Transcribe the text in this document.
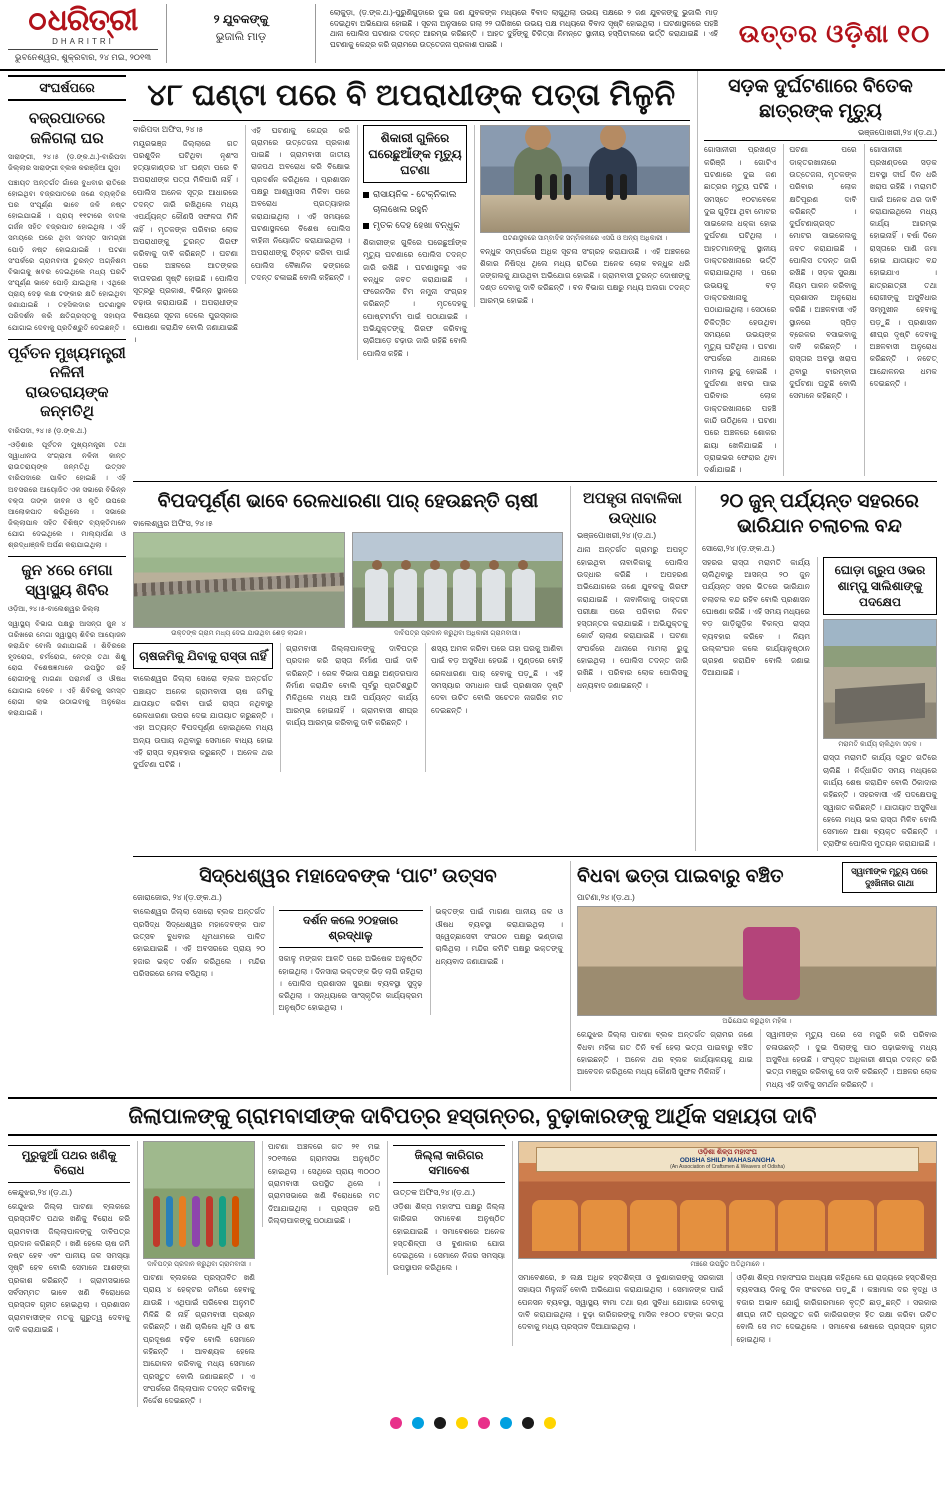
ଧରିତ୍ରୀ
DHARITRI
ଭୁବନେଶ୍ୱର, ଶୁକ୍ରବାର, ୨୪ ମଇ, ୨୦୧୩
୨ ଯୁବକଙ୍କୁ
ଭୁଜାଲି ମାଡ଼
ଲୋକୁଡ଼ା, (ଡ଼.ଙ୍କ.ଥ.)-ପୁରୁଣିଗୁଡ଼ାରେ ଦୁଇ ଜଣ ଯୁବକଙ୍କ ମଧ୍ୟରେ ବିବାଦ ଲାଗୁଥିଲା ଉଭୟ ପକ୍ଷରେ ୨ ଜଣ ଯୁବକଙ୍କୁ ଭୁଜାଲି ମାଡ଼ ଦେଇଥିବା ଅଭିଯୋଗ ହୋଇଛି । ସୂଚନା ଅନୁସାରେ ଗଲା ୨୨ ତାରିଖରେ ଉଭୟ ପକ୍ଷ ମଧ୍ୟରେ ବିବାଦ ସୃଷ୍ଟି ହୋଇଥିଲା । ଘଟଣାସ୍ଥଳରେ ପହଞ୍ଚି ଥାନା ପୋଲିସ ଘଟଣାର ତଦନ୍ତ ଆରମ୍ଭ କରିଛନ୍ତି । ଆହତ ଦୁହିଁଙ୍କୁ ଚିକିତ୍ସା ନିମନ୍ତେ ସ୍ଥାନୀୟ ହସ୍ପିଟାଲରେ ଭର୍ତ୍ତି କରାଯାଇଛି । ଏହି ଘଟଣାକୁ କେନ୍ଦ୍ର କରି ଗ୍ରାମରେ ଉତ୍ତେଜନା ପ୍ରକାଶ ପାଇଛି ।	ଉତ୍ତର ଓଡ଼ିଶା ୧୦
ସଂଘର୍ଷପରେ
ବଜ୍ରପାତରେ ଜଳିଗଲା ଘର
ସାରାଙ୍ଗୀ, ୨୪।୫ (ଡ଼.ଙ୍କ.ଥ.)-ବାରିପଦା ଜିଲ୍ଲାର ସାରାଙ୍ଗୀ ବ୍ଲକ କରଞ୍ଜିଆ ଗୁଡ଼ା
ପଞ୍ଚାୟତ ଅନ୍ତର୍ଗତ ଗାଁରେ ବୁଧବାର ରାତିରେ ହୋଇଥିବା ବଜ୍ରପାତରେ ଜଣେ ବ୍ୟକ୍ତିର ଘର ସଂପୂର୍ଣ୍ଣ ଭାବେ ଜଳି ନଷ୍ଟ ହୋଇଯାଇଛି । ପ୍ରାୟ ୧୧ଟାରେ ବାଦଲ ଗର୍ଜନ ସହିତ ବଜ୍ରପାତ ହୋଇଥିଲା । ଏହି ସମୟରେ ଘରେ ଥିବା ସମସ୍ତ ସାମଗ୍ରୀ ପୋଡ଼ି ନଷ୍ଟ ହୋଇଯାଇଛି । ଘଟଣା ସଂପର୍କରେ ଗ୍ରାମବାସୀ ତୁରନ୍ତ ଅଗ୍ନିଶମ ବିଭାଗକୁ ଖବର ଦେଇଥିଲେ ମଧ୍ୟ ଘରଟି ସଂପୂର୍ଣ୍ଣ ଭାବେ ପୋଡ଼ି ଯାଇଥିଲା । ଏଥିରେ ପ୍ରାୟ ଦେଢ଼ ଲକ୍ଷ ଟଙ୍କାର କ୍ଷତି ହୋଇଥିବା ଜଣାଯାଇଛି । ତହସିଲଦାର ଘଟଣାସ୍ଥଳ ପରିଦର୍ଶନ କରି କ୍ଷତିଗ୍ରସ୍ତକୁ ସହାୟତା ଯୋଗାଇ ଦେବାକୁ ପ୍ରତିଶ୍ରୁତି ଦେଇଛନ୍ତି ।
ପୂର୍ବତନ ମୁଖ୍ୟମନ୍ତ୍ରୀ ନଳିନୀ ରାଉତରାୟଙ୍କ ଜନ୍ମତିଥି
ବାରିପଦା, ୨୪।୫ (ଡ଼.ଙ୍କ.ଥ.)
-ଓଡ଼ିଶାର ପୂର୍ବତନ ମୁଖ୍ୟମନ୍ତ୍ରୀ ତଥା ସ୍ୱାଧୀନତା ସଂଗ୍ରାମୀ ନଳିନୀ କାନ୍ତ ରାଉତରାୟଙ୍କ ଜନ୍ମତିଥି ଉତ୍ସବ ବାରିପଦାରେ ପାଳିତ ହୋଇଛି । ଏହି ଅବସରରେ ଆୟୋଜିତ ଏକ ସଭାରେ ବିଭିନ୍ନ ବକ୍ତା ତାଙ୍କ ଜୀବନ ଓ କୃତି ଉପରେ ଆଲୋକପାତ କରିଥିଲେ । ସଭାରେ ଜିଲ୍ଲାପାଳ ସହିତ ବିଶିଷ୍ଟ ବ୍ୟକ୍ତିମାନେ ଯୋଗ ଦେଇଥିଲେ । ମାଲ୍ୟାର୍ପଣ ଓ ଶ୍ରଦ୍ଧାଞ୍ଜଳି ଅର୍ପଣ କରାଯାଇଥିଲା ।
ଜୁନ ୪ରେ ମେଗା ସ୍ୱାସ୍ଥ୍ୟ ଶିବିର
ଓଡ଼ିଆ, ୨୪।୫-ବାଲେଶ୍ୱର ଜିଲ୍ଲା
ସ୍ୱାସ୍ଥ୍ୟ ବିଭାଗ ପକ୍ଷରୁ ଆସନ୍ତା ଜୁନ ୪ ତାରିଖରେ ମେଗା ସ୍ୱାସ୍ଥ୍ୟ ଶିବିର ଆୟୋଜନ କରାଯିବ ବୋଲି ଜଣାଯାଇଛି । ଶିବିରରେ ହୃଦରୋଗ, ଚର୍ମରୋଗ, ନେତ୍ର ତଥା ଶିଶୁ ରୋଗ ବିଶେଷଜ୍ଞମାନେ ଉପସ୍ଥିତ ରହି ରୋଗୀଙ୍କୁ ମାଗଣା ପରାମର୍ଶ ଓ ଔଷଧ ଯୋଗାଇ ଦେବେ । ଏହି ଶିବିରକୁ ସମସ୍ତ ରୋଗୀ ଲାଭ ଉଠାଇବାକୁ ଅନୁରୋଧ କରାଯାଇଛି ।
୪୮ ଘଣ୍ଟା ପରେ ବି ଅପରାଧୀଙ୍କ ପତ୍ତା ମିଳୁନି
ବାରିପଦା ଅଫିସ, ୨୪।୫
ମୟୂରଭଞ୍ଜ ଜିଲ୍ଲାରେ ଗତ ପରଶୁଦିନ ଘଟିଥିବା ନୃଶଂସ ହତ୍ୟାକାଣ୍ଡର ୪୮ ଘଣ୍ଟା ପରେ ବି ଅପରାଧୀଙ୍କ ପତ୍ତା ମିଳିପାରି ନାହିଁ । ପୋଲିସ ଅନେକ ସୂତ୍ର ଆଧାରରେ ତଦନ୍ତ ଜାରି ରଖିଥିଲେ ମଧ୍ୟ ଏପର୍ଯ୍ୟନ୍ତ କୌଣସି ସଫଳତା ମିଳି ନାହିଁ । ମୃତକଙ୍କ ପରିବାର ଲୋକ ଅପରାଧୀଙ୍କୁ ତୁରନ୍ତ ଗିରଫ କରିବାକୁ ଦାବି କରିଛନ୍ତି । ଘଟଣା ପରେ ଅଞ୍ଚଳରେ ଆତଙ୍କର ବାତାବରଣ ସୃଷ୍ଟି ହୋଇଛି । ପୋଲିସ ସୂତ୍ରରୁ ପ୍ରକାଶ, ବିଭିନ୍ନ ସ୍ଥାନରେ ଚଢ଼ାଉ କରାଯାଉଛି । ଅପରାଧୀଙ୍କ ବିଷୟରେ ସୂଚନା ଦେଲେ ପୁରସ୍କାର ଘୋଷଣା କରାଯିବ ବୋଲି ଜଣାଯାଇଛି ।
ଏହି ଘଟଣାକୁ କେନ୍ଦ୍ର କରି ଗ୍ରାମରେ ଉତ୍ତେଜନା ପ୍ରକାଶ ପାଇଛି । ଗ୍ରାମବାସୀ ଜାତୀୟ ରାଜପଥ ଅବରୋଧ କରି ବିକ୍ଷୋଭ ପ୍ରଦର୍ଶନ କରିଥିଲେ । ପ୍ରଶାସନ ପକ୍ଷରୁ ଆଶ୍ୱାସନା ମିଳିବା ପରେ ଅବରୋଧ ପ୍ରତ୍ୟାହାର କରାଯାଇଥିଲା । ଏହି ସମୟରେ ଘଟଣାସ୍ଥଳରେ ବିଶେଷ ପୋଲିସ ବାହିନୀ ନିୟୋଜିତ କରାଯାଇଥିଲା । ଅପରାଧୀଙ୍କୁ ଚିହ୍ନଟ କରିବା ପାଇଁ ପୋଲିସ ବୈଜ୍ଞାନିକ ଢଙ୍ଗରେ ତଦନ୍ତ ଚଳାଇଛି ବୋଲି କହିଛନ୍ତି ।
ଶିକାରୀ ଗୁଳିରେ ଘରେଛୁଆଁଙ୍କ ମୃତ୍ୟୁ ଘଟଣା
ରାସାୟନିକ - ଟେକ୍ନିକାଲ ଚାଲଖେଲ ରହୁନି
ମୃତକ ଦେହ ହେଖା ବନ୍ଧୁକ
ଶିକାରୀଙ୍କ ଗୁଳିରେ ଘରେଛୁଆଁଙ୍କ ମୃତ୍ୟୁ ଘଟଣାରେ ପୋଲିସ ତଦନ୍ତ ଜାରି ରଖିଛି । ଘଟଣାସ୍ଥଳରୁ ଏକ ବନ୍ଧୁକ ଜବତ କରାଯାଇଛି । ଫରେନସିକ ଟିମ ନମୁନା ସଂଗ୍ରହ କରିଛନ୍ତି । ମୃତଦେହକୁ ପୋଷ୍ଟମର୍ଟମ ପାଇଁ ପଠାଯାଇଛି । ଅଭିଯୁକ୍ତଙ୍କୁ ଗିରଫ କରିବାକୁ ଚାରିଆଡ଼େ ଚଢ଼ାଉ ଜାରି ରହିଛି ବୋଲି ପୋଲିସ କହିଛି ।
ଘଟଣାସ୍ଥଳରେ ସାମ୍ବାଦିକ ସମ୍ମିଳନୀରେ ଏସପି ଓ ଅନ୍ୟ ଅଧିକାରୀ ।
ବନ୍ଧୁକ ସମ୍ପର୍କରେ ଅଧିକ ସୂଚନା ସଂଗ୍ରହ କରାଯାଉଛି । ଏହି ଅଞ୍ଚଳରେ ଶିକାର ନିଷିଦ୍ଧ ଥିଲେ ମଧ୍ୟ ରାତିରେ ଅନେକ ଲୋକ ବନ୍ଧୁକ ଧରି ଜଙ୍ଗଲକୁ ଯାଉଥିବା ଅଭିଯୋଗ ହୋଇଛି । ଗ୍ରାମବାସୀ ତୁରନ୍ତ ଦୋଷୀଙ୍କୁ ଦଣ୍ଡ ଦେବାକୁ ଦାବି କରିଛନ୍ତି । ବନ ବିଭାଗ ପକ୍ଷରୁ ମଧ୍ୟ ଅଲଗା ତଦନ୍ତ ଆରମ୍ଭ ହୋଇଛି ।
ସଡ଼କ ଦୁର୍ଘଟଣାରେ ବିତେକ ଛାତ୍ରଙ୍କ ମୃତ୍ୟୁ
ଭଞ୍ଜପୋଖରୀ,୨୪।(ଡ଼.ଥ.)
ଗୋସାନୀରୀ ପ୍ରଖଣ୍ଡ କରିଞ୍ଜି । ଗୋଟିଏ ଘଟଣାରେ ଦୁଇ ଜଣ ଛାତ୍ରର ମୃତ୍ୟୁ ଘଟିଛି । ସମସ୍ତେ ୧୦ଟାବେଳେ ଦୁଇ ଗୁଡ଼ିଆ ଥିବା ମୋଟର ସାଇକେଲ ଧକ୍କା ହୋଇ ଦୁର୍ଘଟଣା ଘଟିଥିଲା । ଆହତମାନଙ୍କୁ ସ୍ଥାନୀୟ ଡାକ୍ତରଖାନାରେ ଭର୍ତ୍ତି କରାଯାଇଥିଲା । ପରେ ଉଭୟକୁ ବଡ଼ ଡାକ୍ତରଖାନାକୁ ପଠାଯାଇଥିଲା । ସେଠାରେ ଚିକିତ୍ସିତ ହେଉଥିବା ସମୟରେ ଉଭୟଙ୍କ ମୃତ୍ୟୁ ଘଟିଥିଲା । ଘଟଣା ସଂପର୍କରେ ଥାନାରେ ମାମଲା ରୁଜୁ ହୋଇଛି । ଦୁର୍ଘଟଣା ଖବର ପାଇ ପରିବାର ଲୋକ ଡାକ୍ତରଖାନାରେ ପହଞ୍ଚି କାନ୍ଦି ଉଠିଥିଲେ । ଘଟଣା ପରେ ଅଞ୍ଚଳରେ ଶୋକର ଛାୟା ଖେଳିଯାଇଛି । ଡ୍ରାଇଭର ଫେରାର ଥିବା ଦର୍ଶାଯାଇଛି ।
ଘଟଣା ପରେ ଡାକ୍ତରଖାନାରେ ଉତ୍ତେଜନା, ମୃତକଙ୍କ ପରିବାର ଲୋକ କ୍ଷତିପୂରଣ ଦାବି କରିଛନ୍ତି । ଦୁର୍ଘଟଣାଗ୍ରସ୍ତ ମୋଟର ସାଇକେଲକୁ ଜବତ କରାଯାଇଛି । ପୋଲିସ ତଦନ୍ତ ଜାରି ରଖିଛି । ସଡ଼କ ସୁରକ୍ଷା ନିୟମ ପାଳନ କରିବାକୁ ପ୍ରଶାସନ ଅନୁରୋଧ କରିଛି । ଅଞ୍ଚଳବାସୀ ଏହି ସ୍ଥାନରେ ସ୍ପିଡ଼ ବ୍ରେକର ବସାଇବାକୁ ଦାବି କରିଛନ୍ତି । ରାସ୍ତାର ଅବସ୍ଥା ଖରାପ ଥିବାରୁ ବାରମ୍ବାର ଦୁର୍ଘଟଣା ଘଟୁଛି ବୋଲି ସେମାନେ କହିଛନ୍ତି ।
ଗୋସାନୀରୀ ପ୍ରଖଣ୍ଡରେ ସଡ଼କ ଅବସ୍ଥା ଦୀର୍ଘ ଦିନ ଧରି ଖରାପ ରହିଛି । ମରାମତି ପାଇଁ ଅନେକ ଥର ଦାବି କରାଯାଇଥିଲେ ମଧ୍ୟ କାର୍ଯ୍ୟ ଆରମ୍ଭ ହୋଇନାହିଁ । ବର୍ଷା ଦିନେ ରାସ୍ତାରେ ପାଣି ଜମା ହୋଇ ଯାତାୟାତ ବନ୍ଦ ହୋଇଯାଏ । ଛାତ୍ରଛାତ୍ରୀ ତଥା ରୋଗୀଙ୍କୁ ଅସୁବିଧାର ସମ୍ମୁଖୀନ ହେବାକୁ ପଡ଼ୁଛି । ପ୍ରଶାସନ ଶୀଘ୍ର ଦୃଷ୍ଟି ଦେବାକୁ ଅଞ୍ଚଳବାସୀ ଅନୁରୋଧ କରିଛନ୍ତି । ନଚେତ୍ ଆନ୍ଦୋଳନର ଧମକ ଦେଇଛନ୍ତି ।
ବିପଦପୂର୍ଣ୍ଣ ଭାବେ ରେଳଧାରଣା ପାର୍ ହେଉଛନ୍ତି ଚାଷୀ
ବାଲେଶ୍ୱର ଅଫିସ, ୨୪।୫
ଉକ୍ତଙ୍କ ଗ୍ରାମ ମଧ୍ୟ ଦେଇ ଯାଉଥିବା ଶେଡ଼ ଲାଇନ।	ଦାବିପତ୍ର ପ୍ରଦାନ କରୁଥିବା ଅଧିକାରୀ ଗ୍ରାମବାସୀ।
ଚାଷଜମିକୁ ଯିବାକୁ ରାସ୍ତା ନାହିଁ
ବାଲେଶ୍ୱର ଜିଲ୍ଲା ସୋରୋ ବ୍ଲକ ଅନ୍ତର୍ଗତ ପଞ୍ଚାୟତ ଅନେକ ଗ୍ରାମବାସୀ ଚାଷ ଜମିକୁ ଯାତାୟାତ କରିବା ପାଇଁ ରାସ୍ତା ନଥିବାରୁ ରେଳଧାରଣା ଉପର ଦେଇ ଯାତାୟାତ କରୁଛନ୍ତି । ଏହା ଅତ୍ୟନ୍ତ ବିପଦପୂର୍ଣ୍ଣ ହୋଇଥିଲେ ମଧ୍ୟ ଅନ୍ୟ ଉପାୟ ନଥିବାରୁ ସେମାନେ ବାଧ୍ୟ ହୋଇ ଏହି ରାସ୍ତା ବ୍ୟବହାର କରୁଛନ୍ତି । ଅନେକ ଥର ଦୁର୍ଘଟଣା ଘଟିଛି ।
ଗ୍ରାମବାସୀ ଜିଲ୍ଲାପାଳଙ୍କୁ ଦାବିପତ୍ର ପ୍ରଦାନ କରି ରାସ୍ତା ନିର୍ମାଣ ପାଇଁ ଦାବି କରିଛନ୍ତି । ରେଳ ବିଭାଗ ପକ୍ଷରୁ ଅଣ୍ଡରପାସ ନିର୍ମାଣ କରାଯିବ ବୋଲି ପୂର୍ବରୁ ପ୍ରତିଶ୍ରୁତି ମିଳିଥିଲେ ମଧ୍ୟ ଆଜି ପର୍ଯ୍ୟନ୍ତ କାର୍ଯ୍ୟ ଆରମ୍ଭ ହୋଇନାହିଁ । ଗ୍ରାମବାସୀ ଶୀଘ୍ର କାର୍ଯ୍ୟ ଆରମ୍ଭ କରିବାକୁ ଦାବି କରିଛନ୍ତି ।
ଶସ୍ୟ ଅମଳ କରିବା ପରେ ତାହା ଘରକୁ ଆଣିବା ପାଇଁ ବଡ଼ ଅସୁବିଧା ହେଉଛି । ମୁଣ୍ଡରେ ବୋହି ରେଳଧାରଣା ପାର୍ ହେବାକୁ ପଡ଼ୁଛି । ଏହି ସମସ୍ୟାର ସମାଧାନ ପାଇଁ ପ୍ରଶାସନ ଦୃଷ୍ଟି ଦେବା ଉଚିତ ବୋଲି ସଚେତନ ନାଗରିକ ମତ ଦେଇଛନ୍ତି ।
ଅପହୃତା ନାବାଳିକା ଉଦ୍ଧାର
ଭଞ୍ଜପୋଖରୀ,୨୪।(ଡ଼.ଥ.)
ଥାନା ଅନ୍ତର୍ଗତ ଗ୍ରାମରୁ ଅପହୃତ ହୋଇଥିବା ନାବାଳିକାକୁ ପୋଲିସ ଉଦ୍ଧାର କରିଛି । ଅପହରଣ ଅଭିଯୋଗରେ ଜଣେ ଯୁବକକୁ ଗିରଫ କରାଯାଇଛି । ନାବାଳିକାକୁ ଡାକ୍ତରୀ ପରୀକ୍ଷା ପରେ ପରିବାର ନିକଟ ହସ୍ତାନ୍ତର କରାଯାଇଛି । ଅଭିଯୁକ୍ତକୁ କୋର୍ଟ ଚାଲାଣ କରାଯାଇଛି । ଘଟଣା ସଂପର୍କରେ ଥାନାରେ ମାମଲା ରୁଜୁ ହୋଇଥିଲା । ପୋଲିସ ତଦନ୍ତ ଜାରି ରଖିଛି । ପରିବାର ଲୋକ ପୋଲିସକୁ ଧନ୍ୟବାଦ ଜଣାଇଛନ୍ତି ।
୨୦ ଜୁନ୍ ପର୍ଯ୍ୟନ୍ତ ସହରରେ ଭାରିଯାନ ଚଲାଚଲ ବନ୍ଦ
ସୋରୋ,୨୪।(ଡ଼.ଙ୍କ.ଥ.)
ସହରର ରାସ୍ତା ମରାମତି କାର୍ଯ୍ୟ ଚାଲିଥିବାରୁ ଆସନ୍ତା ୨୦ ଜୁନ ପର୍ଯ୍ୟନ୍ତ ସହର ଭିତରେ ଭାରିଯାନ ଚଲାଚଲ ବନ୍ଦ ରହିବ ବୋଲି ପ୍ରଶାସନ ଘୋଷଣା କରିଛି । ଏହି ସମୟ ମଧ୍ୟରେ ବଡ଼ ଗାଡ଼ିଗୁଡ଼ିକ ବିକଳ୍ପ ରାସ୍ତା ବ୍ୟବହାର କରିବେ । ନିୟମ ଉଲ୍ଲଂଘନ କଲେ କାର୍ଯ୍ୟାନୁଷ୍ଠାନ ଗ୍ରହଣ କରାଯିବ ବୋଲି ଜଣାଇ ଦିଆଯାଇଛି ।
ଘୋଡ଼ା ଗ୍ରୁପ ଓଭର ଶାମ୍ପୁ ସାଲିଶାଙ୍କୁ ପଦକ୍ଷେପ
ମରାମତି କାର୍ଯ୍ୟ ଚାଲିଥିବା ସଡ଼କ ।
ରାସ୍ତା ମରାମତି କାର୍ଯ୍ୟ ଦ୍ରୁତ ଗତିରେ ଚାଲିଛି । ନିର୍ଦ୍ଧାରିତ ସମୟ ମଧ୍ୟରେ କାର୍ଯ୍ୟ ଶେଷ କରାଯିବ ବୋଲି ଠିକାଦାର କହିଛନ୍ତି । ସହରବାସୀ ଏହି ପଦକ୍ଷେପକୁ ସ୍ୱାଗତ କରିଛନ୍ତି । ଯାତାୟାତ ଅସୁବିଧା ହେଲେ ମଧ୍ୟ ଭଲ ରାସ୍ତା ମିଳିବ ବୋଲି ସେମାନେ ଆଶା ବ୍ୟକ୍ତ କରିଛନ୍ତି । ଟ୍ରାଫିକ ପୋଲିସ ମୁତୟନ କରାଯାଇଛି ।
ସିଦ୍ଧେଶ୍ୱର ମହାଦେବଙ୍କ ‘ପାଟ’ ଉତ୍ସବ
ଜୋରାଜୋର, ୨୪।(ଡ଼.ଙ୍କ.ଥ.)
ବାଲେଶ୍ୱର ଜିଲ୍ଲା ସୋରୋ ବ୍ଲକ ଅନ୍ତର୍ଗତ ପ୍ରସିଦ୍ଧ ସିଦ୍ଧେଶ୍ୱର ମହାଦେବଙ୍କ ପାଟ ଉତ୍ସବ ବୁଧବାର ଧୂମଧାମରେ ପାଳିତ ହୋଇଯାଇଛି । ଏହି ଅବସରରେ ପ୍ରାୟ ୨୦ ହଜାର ଭକ୍ତ ଦର୍ଶନ କରିଥିଲେ । ମନ୍ଦିର ପରିସରରେ ମେଳା ବସିଥିଲା ।
ଦର୍ଶନ କଲେ ୨୦ହଜାର ଶ୍ରଦ୍ଧାଳୁ
ସକାଳୁ ମଙ୍ଗଳ ଆଳତି ପରେ ଅଭିଷେକ ଅନୁଷ୍ଠିତ ହୋଇଥିଲା । ଦିନସାରା ଭକ୍ତଙ୍କ ଭିଡ଼ ଲାଗି ରହିଥିଲା । ପୋଲିସ ପ୍ରଶାସନ ସୁରକ୍ଷା ବ୍ୟବସ୍ଥା ସୁଦୃଢ଼ କରିଥିଲା । ସନ୍ଧ୍ୟାରେ ସାଂସ୍କୃତିକ କାର୍ଯ୍ୟକ୍ରମ ଅନୁଷ୍ଠିତ ହୋଇଥିଲା ।
ଭକ୍ତଙ୍କ ପାଇଁ ମାଗଣା ପାନୀୟ ଜଳ ଓ ଔଷଧ ବ୍ୟବସ୍ଥା କରାଯାଇଥିଲା । ସ୍ୱେଚ୍ଛାସେବୀ ସଂଗଠନ ପକ୍ଷରୁ ଭଣ୍ଡାରା ଚାଲିଥିଲା । ମନ୍ଦିର କମିଟି ପକ୍ଷରୁ ଭକ୍ତଙ୍କୁ ଧନ୍ୟବାଦ ଜଣାଯାଇଛି ।
ବିଧବା ଭତ୍ତା ପାଇବାରୁ ବଞ୍ଚିତ	ସ୍ୱାମୀଙ୍କ ମୃତ୍ୟୁ ପରେ ଦୁଃଖିନୀର ଗାଥା
ପାଟଣା,୨୪।(ଡ଼.ଥ.)
ଅଭିଯୋଗ କରୁଥିବା ମହିଳା ।
କେନ୍ଦୁଝର ଜିଲ୍ଲା ପାଟଣା ବ୍ଲକ ଅନ୍ତର୍ଗତ ଗ୍ରାମର ଜଣେ ବିଧବା ମହିଳା ଗତ ତିନି ବର୍ଷ ହେଲା ଭତ୍ତା ପାଇବାରୁ ବଞ୍ଚିତ ହୋଇଛନ୍ତି । ଅନେକ ଥର ବ୍ଲକ କାର୍ଯ୍ୟାଳୟକୁ ଯାଇ ଆବେଦନ କରିଥିଲେ ମଧ୍ୟ କୌଣସି ସୁଫଳ ମିଳିନାହିଁ ।
ସ୍ୱାମୀଙ୍କ ମୃତ୍ୟୁ ପରେ ସେ ମଜୁରି କରି ପରିବାର ଚଳାଉଛନ୍ତି । ଦୁଇ ପିଲାଙ୍କୁ ପାଠ ପଢ଼ାଇବାକୁ ମଧ୍ୟ ଅସୁବିଧା ହେଉଛି । ସଂପୃକ୍ତ ଅଧିକାରୀ ଶୀଘ୍ର ତଦନ୍ତ କରି ଭତ୍ତା ମଞ୍ଜୁର କରିବାକୁ ସେ ଦାବି କରିଛନ୍ତି । ଅଞ୍ଚଳର ଲୋକ ମଧ୍ୟ ଏହି ଦାବିକୁ ସମର୍ଥନ କରିଛନ୍ତି ।
ଜିଲାପାଳଙ୍କୁ ଗ୍ରାମବାସୀଙ୍କ ଦାବିପତ୍ର ହସ୍ତାନ୍ତର, ବୁଢ଼ାକାରଙ୍କୁ ଆର୍ଥିକ ସହାୟତା ଦାବି
ମୁରୁଜୁଆଁ ପଥର ଖଣିକୁ ବିରୋଧ
କେନ୍ଦୁଝର,୨୪।(ଡ଼.ଥ.)
କେନ୍ଦୁଝର ଜିଲ୍ଲା ପାଟଣା ବ୍ଲକରେ ପ୍ରସ୍ତାବିତ ପଥର ଖଣିକୁ ବିରୋଧ କରି ଗ୍ରାମବାସୀ ଜିଲ୍ଲାପାଳଙ୍କୁ ଦାବିପତ୍ର ପ୍ରଦାନ କରିଛନ୍ତି । ଖଣି ହେଲେ ଚାଷ ଜମି ନଷ୍ଟ ହେବ ଏବଂ ପାନୀୟ ଜଳ ସମସ୍ୟା ସୃଷ୍ଟି ହେବ ବୋଲି ସେମାନେ ଆଶଙ୍କା ପ୍ରକାଶ କରିଛନ୍ତି । ଗ୍ରାମସଭାରେ ସର୍ବସମ୍ମତ ଭାବେ ଖଣି ବିରୋଧରେ ପ୍ରସ୍ତାବ ଗୃହୀତ ହୋଇଥିଲା । ପ୍ରଶାସନ ଗ୍ରାମବାସୀଙ୍କ ମତକୁ ଗୁରୁତ୍ୱ ଦେବାକୁ ଦାବି କରାଯାଇଛି ।
ଦାବିପତ୍ର ପ୍ରଦାନ କରୁଥିବା ଗ୍ରାମବାସୀ ।
ପାଟଣା ବ୍ଲକରେ ପ୍ରସ୍ତାବିତ ଖଣି ପ୍ରାୟ ୪ ହେକ୍ଟର ଜମିରେ ହେବାକୁ ଯାଉଛି । ଏଥିପାଇଁ ପରିବେଶ ଅନୁମତି ମିଳିଛି କି ନାହିଁ ଗ୍ରାମବାସୀ ପ୍ରଶ୍ନ କରିଛନ୍ତି । ଖଣି ଚାଲିଲେ ଧୂଳି ଓ ଶବ୍ଦ ପ୍ରଦୂଷଣ ବଢ଼ିବ ବୋଲି ସେମାନେ କହିଛନ୍ତି । ଆବଶ୍ୟକ ହେଲେ ଆନ୍ଦୋଳନ କରିବାକୁ ମଧ୍ୟ ସେମାନେ ପ୍ରସ୍ତୁତ ବୋଲି ଜଣାଇଛନ୍ତି । ଏ ସଂପର୍କରେ ଜିଲ୍ଲାପାଳ ତଦନ୍ତ କରିବାକୁ ନିର୍ଦ୍ଦେଶ ଦେଇଛନ୍ତି ।
ପାଟଣା ଅଞ୍ଚଳରେ ଗତ ୨୧ ମଇ ୨୦୧୩ରେ ଗ୍ରାମସଭା ଅନୁଷ୍ଠିତ ହୋଇଥିଲା । ସେଥିରେ ପ୍ରାୟ ୩୦୦୦ ଗ୍ରାମବାସୀ ଉପସ୍ଥିତ ଥିଲେ । ଗ୍ରାମସଭାରେ ଖଣି ବିରୋଧରେ ମତ ଦିଆଯାଇଥିଲା । ପ୍ରସ୍ତାବ କପି ଜିଲ୍ଲାପାଳଙ୍କୁ ପଠାଯାଇଛି ।
ଜିଲ୍ଲା କାରିଗର ସମାବେଶ
ଉତ୍ତକ ଅଫିସ,୨୪।(ଡ଼.ଥ.)
ଓଡ଼ିଶା ଶିଳ୍ପ ମହାସଂଘ ପକ୍ଷରୁ ଜିଲ୍ଲା କାରିଗର ସମାବେଶ ଅନୁଷ୍ଠିତ ହୋଇଯାଇଛି । ସମାବେଶରେ ଅନେକ ହସ୍ତଶିଳ୍ପୀ ଓ ବୁଣାକାର ଯୋଗ ଦେଇଥିଲେ । ସେମାନେ ନିଜର ସମସ୍ୟା ଉପସ୍ଥାପନ କରିଥିଲେ ।
ଓଡ଼ିଶା ଶିଳ୍ପ ମହାସଂଘ
ODISHA SHILP MAHASANGHA
(An Association of Craftsmen & Weavers of Odisha)
ମଞ୍ଚରେ ଉପସ୍ଥିତ ଅତିଥିମାନେ ।
ସମାବେଶରେ, ୭ ଲକ୍ଷ ଅଧିକ ହସ୍ତଶିଳ୍ପୀ ଓ ବୁଣାକାରଙ୍କୁ ସରକାରୀ ସହାୟତା ମିଳୁନାହିଁ ବୋଲି ଅଭିଯୋଗ କରାଯାଇଥିଲା । ସେମାନଙ୍କ ପାଇଁ ପେନସନ ବ୍ୟବସ୍ଥା, ସ୍ୱାସ୍ଥ୍ୟ ବୀମା ତଥା ଋଣ ସୁବିଧା ଯୋଗାଇ ଦେବାକୁ ଦାବି କରାଯାଇଥିଲା । ବୁଢ଼ା କାରିଗରଙ୍କୁ ମାସିକ ୧୫୦୦ ଟଙ୍କା ଭତ୍ତା ଦେବାକୁ ମଧ୍ୟ ପ୍ରସ୍ତାବ ଦିଆଯାଇଥିଲା ।
ଓଡ଼ିଶା ଶିଳ୍ପ ମହାସଂଘର ଅଧ୍ୟକ୍ଷ କହିଥିଲେ ଯେ ରାଜ୍ୟରେ ହସ୍ତଶିଳ୍ପ ବ୍ୟବସାୟ ଦିନକୁ ଦିନ ସଂକଟରେ ପଡ଼ୁଛି । କଞ୍ଚାମାଲ ଦର ବୃଦ୍ଧି ଓ ବଜାର ଅଭାବ ଯୋଗୁଁ କାରିଗରମାନେ ବୃତ୍ତି ଛାଡ଼ୁଛନ୍ତି । ସରକାର ଶୀଘ୍ର ନୀତି ପ୍ରସ୍ତୁତ କରି କାରିଗରଙ୍କ ହିତ ରକ୍ଷା କରିବା ଉଚିତ ବୋଲି ସେ ମତ ଦେଇଥିଲେ । ସମାବେଶ ଶେଷରେ ପ୍ରସ୍ତାବ ଗୃହୀତ ହୋଇଥିଲା ।
